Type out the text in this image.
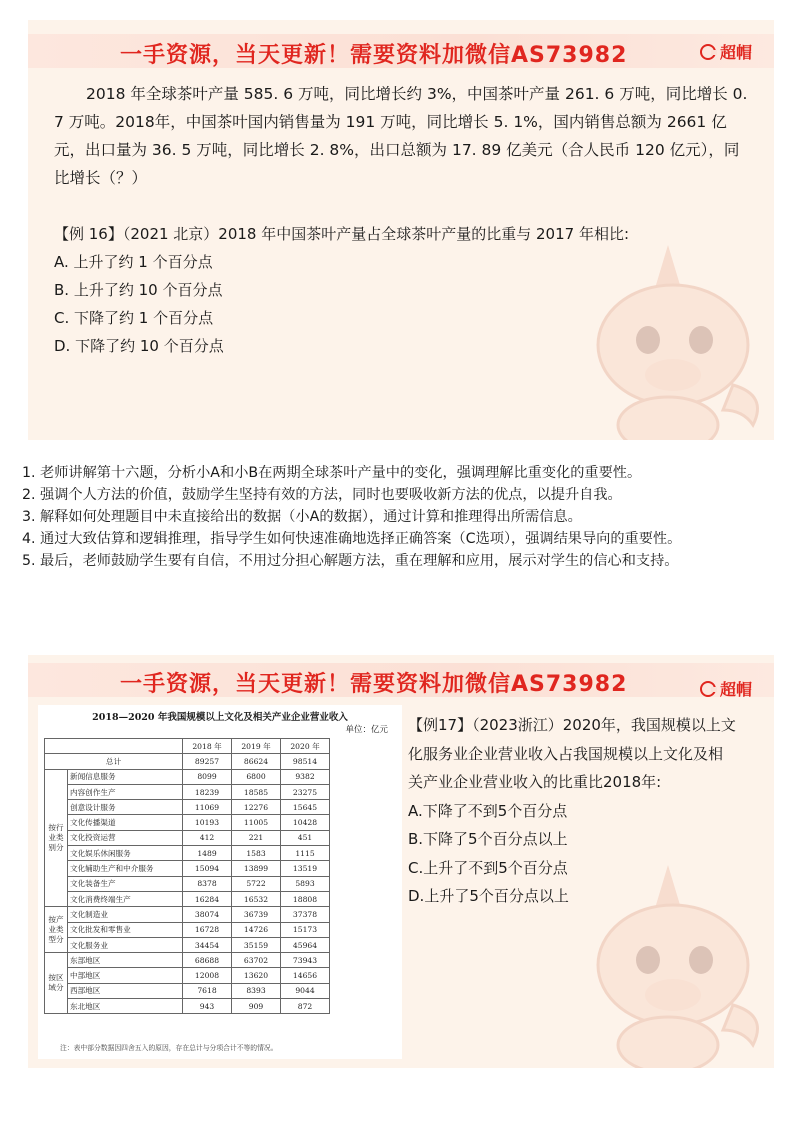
一手资源，当天更新！需要资料加微信AS73982	超帽

2018 年全球茶叶产量 585. 6 万吨，同比增长约 3%，中国茶叶产量 261. 6 万吨，同比增长 0. 7 万吨。2018年，中国茶叶国内销售量为 191 万吨，同比增长 5. 1%，国内销售总额为 2661 亿元，出口量为 36. 5 万吨，同比增长 2. 8%，出口总额为 17. 89 亿美元（合人民币 120 亿元），同比增长（？）

【例 16】（2021 北京）2018 年中国茶叶产量占全球茶叶产量的比重与 2017 年相比:
A. 上升了约 1 个百分点
B. 上升了约 10 个百分点
C. 下降了约 1 个百分点
D. 下降了约 10 个百分点
1. 老师讲解第十六题，分析小A和小B在两期全球茶叶产量中的变化，强调理解比重变化的重要性。
2. 强调个人方法的价值，鼓励学生坚持有效的方法，同时也要吸收新方法的优点，以提升自我。
3. 解释如何处理题目中未直接给出的数据（小A的数据），通过计算和推理得出所需信息。
4. 通过大致估算和逻辑推理，指导学生如何快速准确地选择正确答案（C选项），强调结果导向的重要性。
5. 最后，老师鼓励学生要有自信，不用过分担心解题方法，重在理解和应用，展示对学生的信心和支持。
一手资源，当天更新！需要资料加微信AS73982	超帽
2018—2020 年我国规模以上文化及相关产业企业营业收入
单位：亿元
		2018 年	2019 年	2020 年
总计		89257	86624	98514
按行业类别分	新闻信息服务	8099	6800	9382
	内容创作生产	18239	18585	23275
	创意设计服务	11069	12276	15645
	文化传播渠道	10193	11005	10428
	文化投资运营	412	221	451
	文化娱乐休闲服务	1489	1583	1115
	文化辅助生产和中介服务	15094	13899	13519
	文化装备生产	8378	5722	5893
	文化消费终端生产	16284	16532	18808
按产业类型分	文化制造业	38074	36739	37378
	文化批发和零售业	16728	14726	15173
	文化服务业	34454	35159	45964
按区域分	东部地区	68688	63702	73943
	中部地区	12008	13620	14656
	西部地区	7618	8393	9044
	东北地区	943	909	872
注：表中部分数据因四舍五入的原因，存在总计与分项合计不等的情况。
【例17】（2023浙江）2020年，我国规模以上文
化服务业企业营业收入占我国规模以上文化及相
关产业企业营业收入的比重比2018年:
A.下降了不到5个百分点
B.下降了5个百分点以上
C.上升了不到5个百分点
D.上升了5个百分点以上
